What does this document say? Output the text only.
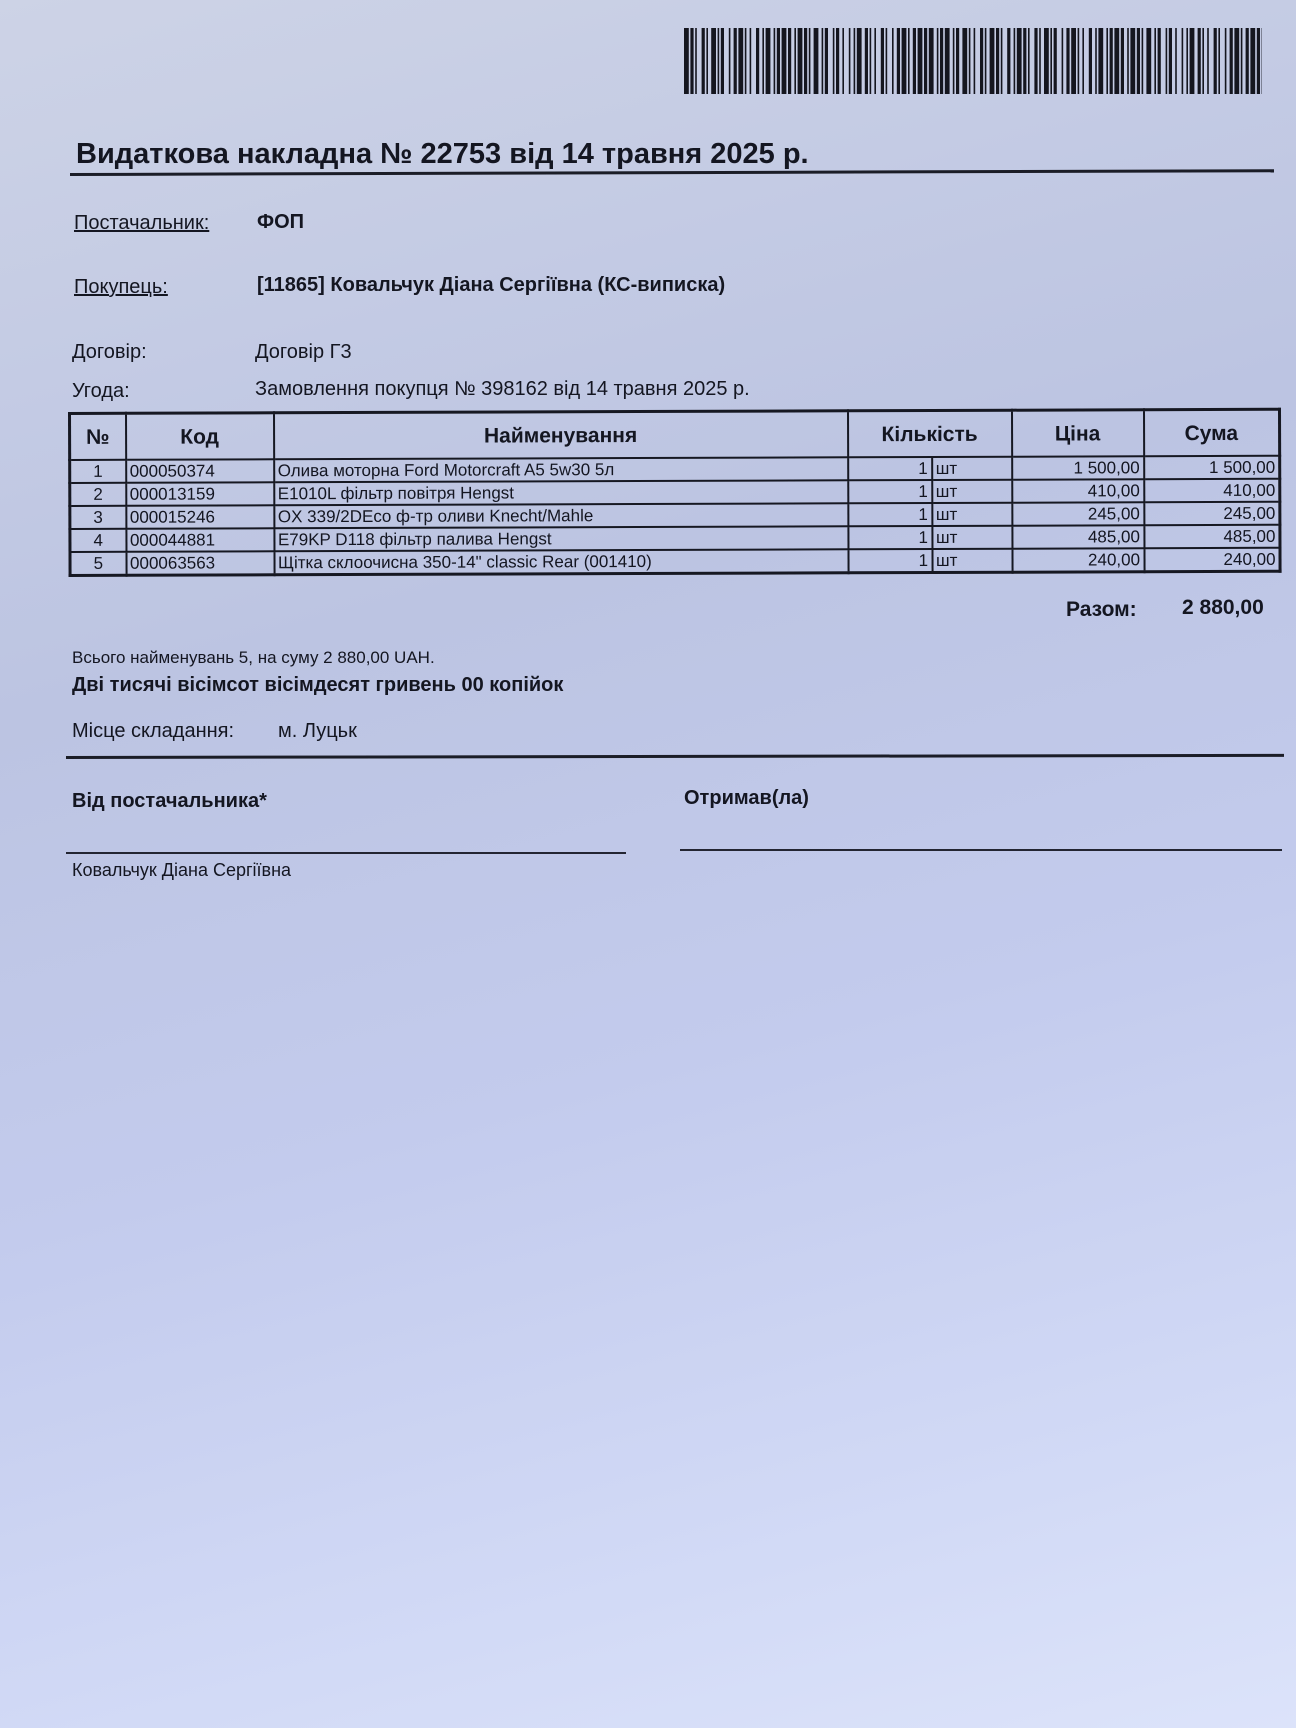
Видаткова накладна № 22753 від 14 травня 2025 р.
Постачальник: ФОП
Покупець:	[11865] Ковальчук Діана Сергіївна (КС-виписка)
Договір:	Договір Г3
Угода:	Замовлення покупця № 398162 від 14 травня 2025 р.
№	Код	Найменування	Кількість		Ціна	Сума
1	000050374	Олива моторна Ford Motorcraft A5 5w30 5л	1	шт	1 500,00	1 500,00
2	000013159	E1010L фільтр повітря Hengst	1	шт	410,00	410,00
3	000015246	OX 339/2DEco ф-тр оливи Knecht/Mahle	1	шт	245,00	245,00
4	000044881	E79KP D118 фільтр палива Hengst	1	шт	485,00	485,00
5	000063563	Щітка склоочисна 350-14" classic Rear (001410)	1	шт	240,00	240,00
Разом: 2 880,00
Всього найменувань 5, на суму 2 880,00 UAH.
Дві тисячі вісімсот вісімдесят гривень 00 копійок
Місце складання: м. Луцьк
Від постачальника*	Отримав(ла)
Ковальчук Діана Сергіївна
